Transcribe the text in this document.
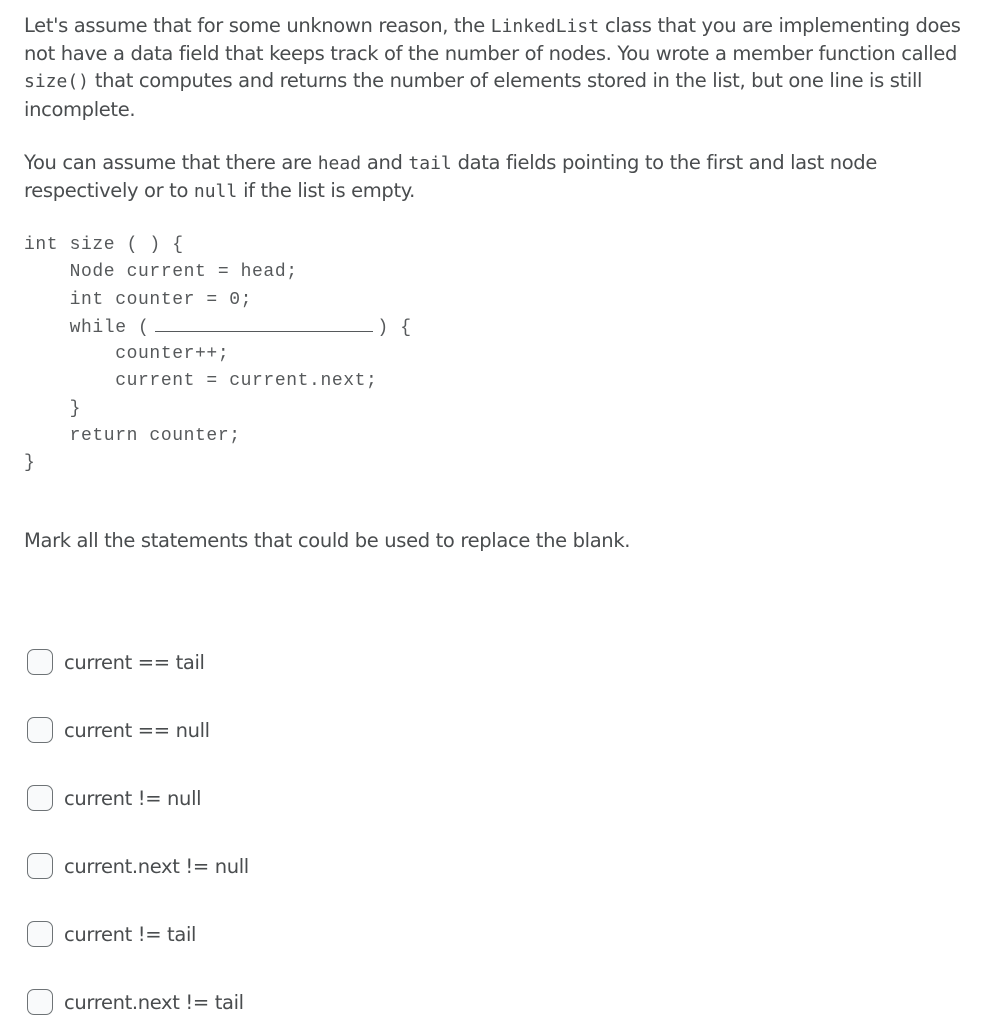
Let's assume that for some unknown reason, the LinkedList class that you are implementing does not have a data field that keeps track of the number of nodes. You wrote a member function called size() that computes and returns the number of elements stored in the list, but one line is still incomplete.

You can assume that there are head and tail data fields pointing to the first and last node respectively or to null if the list is empty.

int size ( ) {
Node current = head;
int counter = 0;
while (	) {
counter++;
current = current.next;
}
return counter;
}

Mark all the statements that could be used to replace the blank.

current == tail
current == null
current != null
current.next != null
current != tail
current.next != tail
